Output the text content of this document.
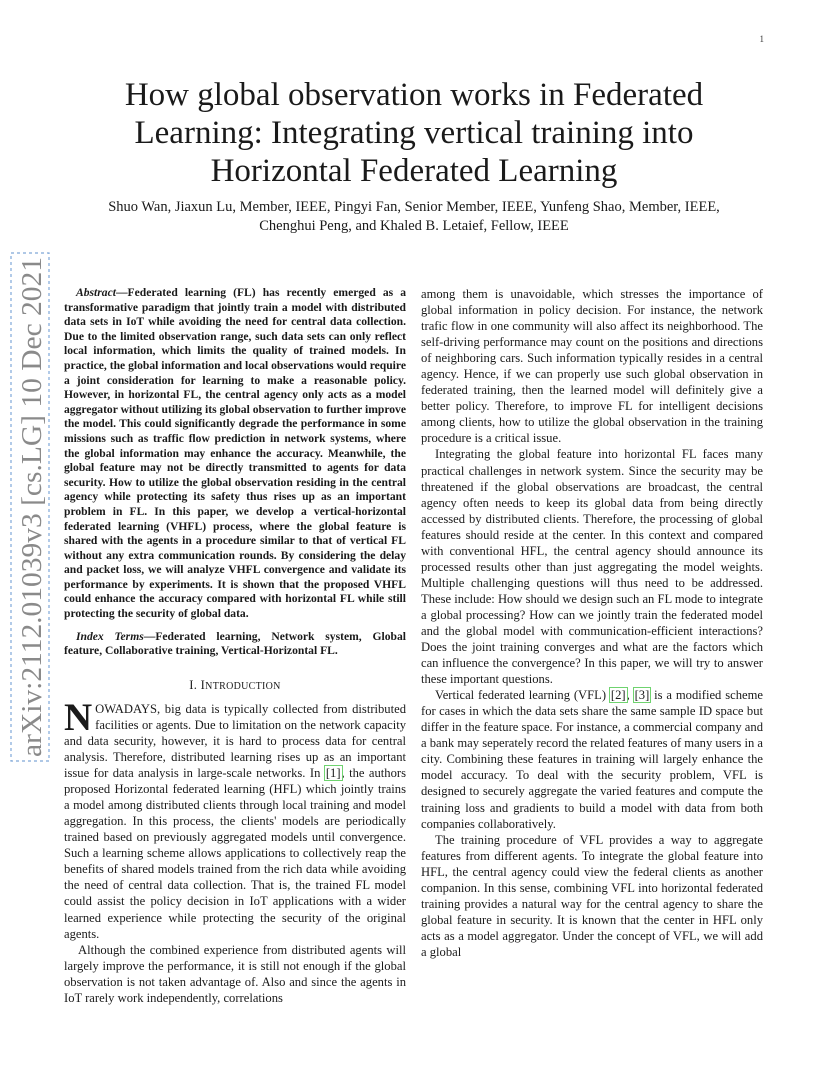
1
arXiv:2112.01039v3 [cs.LG] 10 Dec 2021
How global observation works in Federated
Learning: Integrating vertical training into
Horizontal Federated Learning
Shuo Wan, Jiaxun Lu, Member, IEEE, Pingyi Fan, Senior Member, IEEE, Yunfeng Shao, Member, IEEE,
Chenghui Peng, and Khaled B. Letaief, Fellow, IEEE

Abstract—Federated learning (FL) has recently emerged as a transformative paradigm that jointly train a model with distributed data sets in IoT while avoiding the need for central data collection. Due to the limited observation range, such data sets can only reflect local information, which limits the quality of trained models. In practice, the global information and local observations would require a joint consideration for learning to make a reasonable policy. However, in horizontal FL, the central agency only acts as a model aggregator without utilizing its global observation to further improve the model. This could significantly degrade the performance in some missions such as traffic flow prediction in network systems, where the global information may enhance the accuracy. Meanwhile, the global feature may not be directly transmitted to agents for data security. How to utilize the global observation residing in the central agency while protecting its safety thus rises up as an important problem in FL. In this paper, we develop a vertical-horizontal federated learning (VHFL) process, where the global feature is shared with the agents in a procedure similar to that of vertical FL without any extra communication rounds. By considering the delay and packet loss, we will analyze VHFL convergence and validate its performance by experiments. It is shown that the proposed VHFL could enhance the accuracy compared with horizontal FL while still protecting the security of global data.

Index Terms—Federated learning, Network system, Global feature, Collaborative training, Vertical-Horizontal FL.

I. INTRODUCTION

NOWADAYS, big data is typically collected from distributed facilities or agents. Due to limitation on the network capacity and data security, however, it is hard to process data for central analysis. Therefore, distributed learning rises up as an important issue for data analysis in large-scale networks. In [1], the authors proposed Horizontal federated learning (HFL) which jointly trains a model among distributed clients through local training and model aggregation. In this process, the clients' models are periodically trained based on previously aggregated models until convergence. Such a learning scheme allows applications to collectively reap the benefits of shared models trained from the rich data while avoiding the need of central data collection. That is, the trained FL model could assist the policy decision in IoT applications with a wider learned experience while protecting the security of the original agents.

Although the combined experience from distributed agents will largely improve the performance, it is still not enough if the global observation is not taken advantage of. Also and since the agents in IoT rarely work independently, correlations

among them is unavoidable, which stresses the importance of global information in policy decision. For instance, the network trafic flow in one community will also affect its neighborhood. The self-driving performance may count on the positions and directions of neighboring cars. Such information typically resides in a central agency. Hence, if we can properly use such global observation in federated training, then the learned model will definitely give a better policy. Therefore, to improve FL for intelligent decisions among clients, how to utilize the global observation in the training procedure is a critical issue.

Integrating the global feature into horizontal FL faces many practical challenges in network system. Since the security may be threatened if the global observations are broadcast, the central agency often needs to keep its global data from being directly accessed by distributed clients. Therefore, the processing of global features should reside at the center. In this context and compared with conventional HFL, the central agency should announce its processed results other than just aggregating the model weights. Multiple challenging questions will thus need to be addressed. These include: How should we design such an FL mode to integrate a global processing? How can we jointly train the federated model and the global model with communication-efficient interactions? Does the joint training converges and what are the factors which can influence the convergence? In this paper, we will try to answer these important questions.

Vertical federated learning (VFL) [2], [3] is a modified scheme for cases in which the data sets share the same sample ID space but differ in the feature space. For instance, a commercial company and a bank may seperately record the related features of many users in a city. Combining these features in training will largely enhance the model accuracy. To deal with the security problem, VFL is designed to securely aggregate the varied features and compute the training loss and gradients to build a model with data from both companies collaboratively.

The training procedure of VFL provides a way to aggregate features from different agents. To integrate the global feature into HFL, the central agency could view the federal clients as another companion. In this sense, combining VFL into horizontal federated training provides a natural way for the central agency to share the global feature in security. It is known that the center in HFL only acts as a model aggregator. Under the concept of VFL, we will add a global
